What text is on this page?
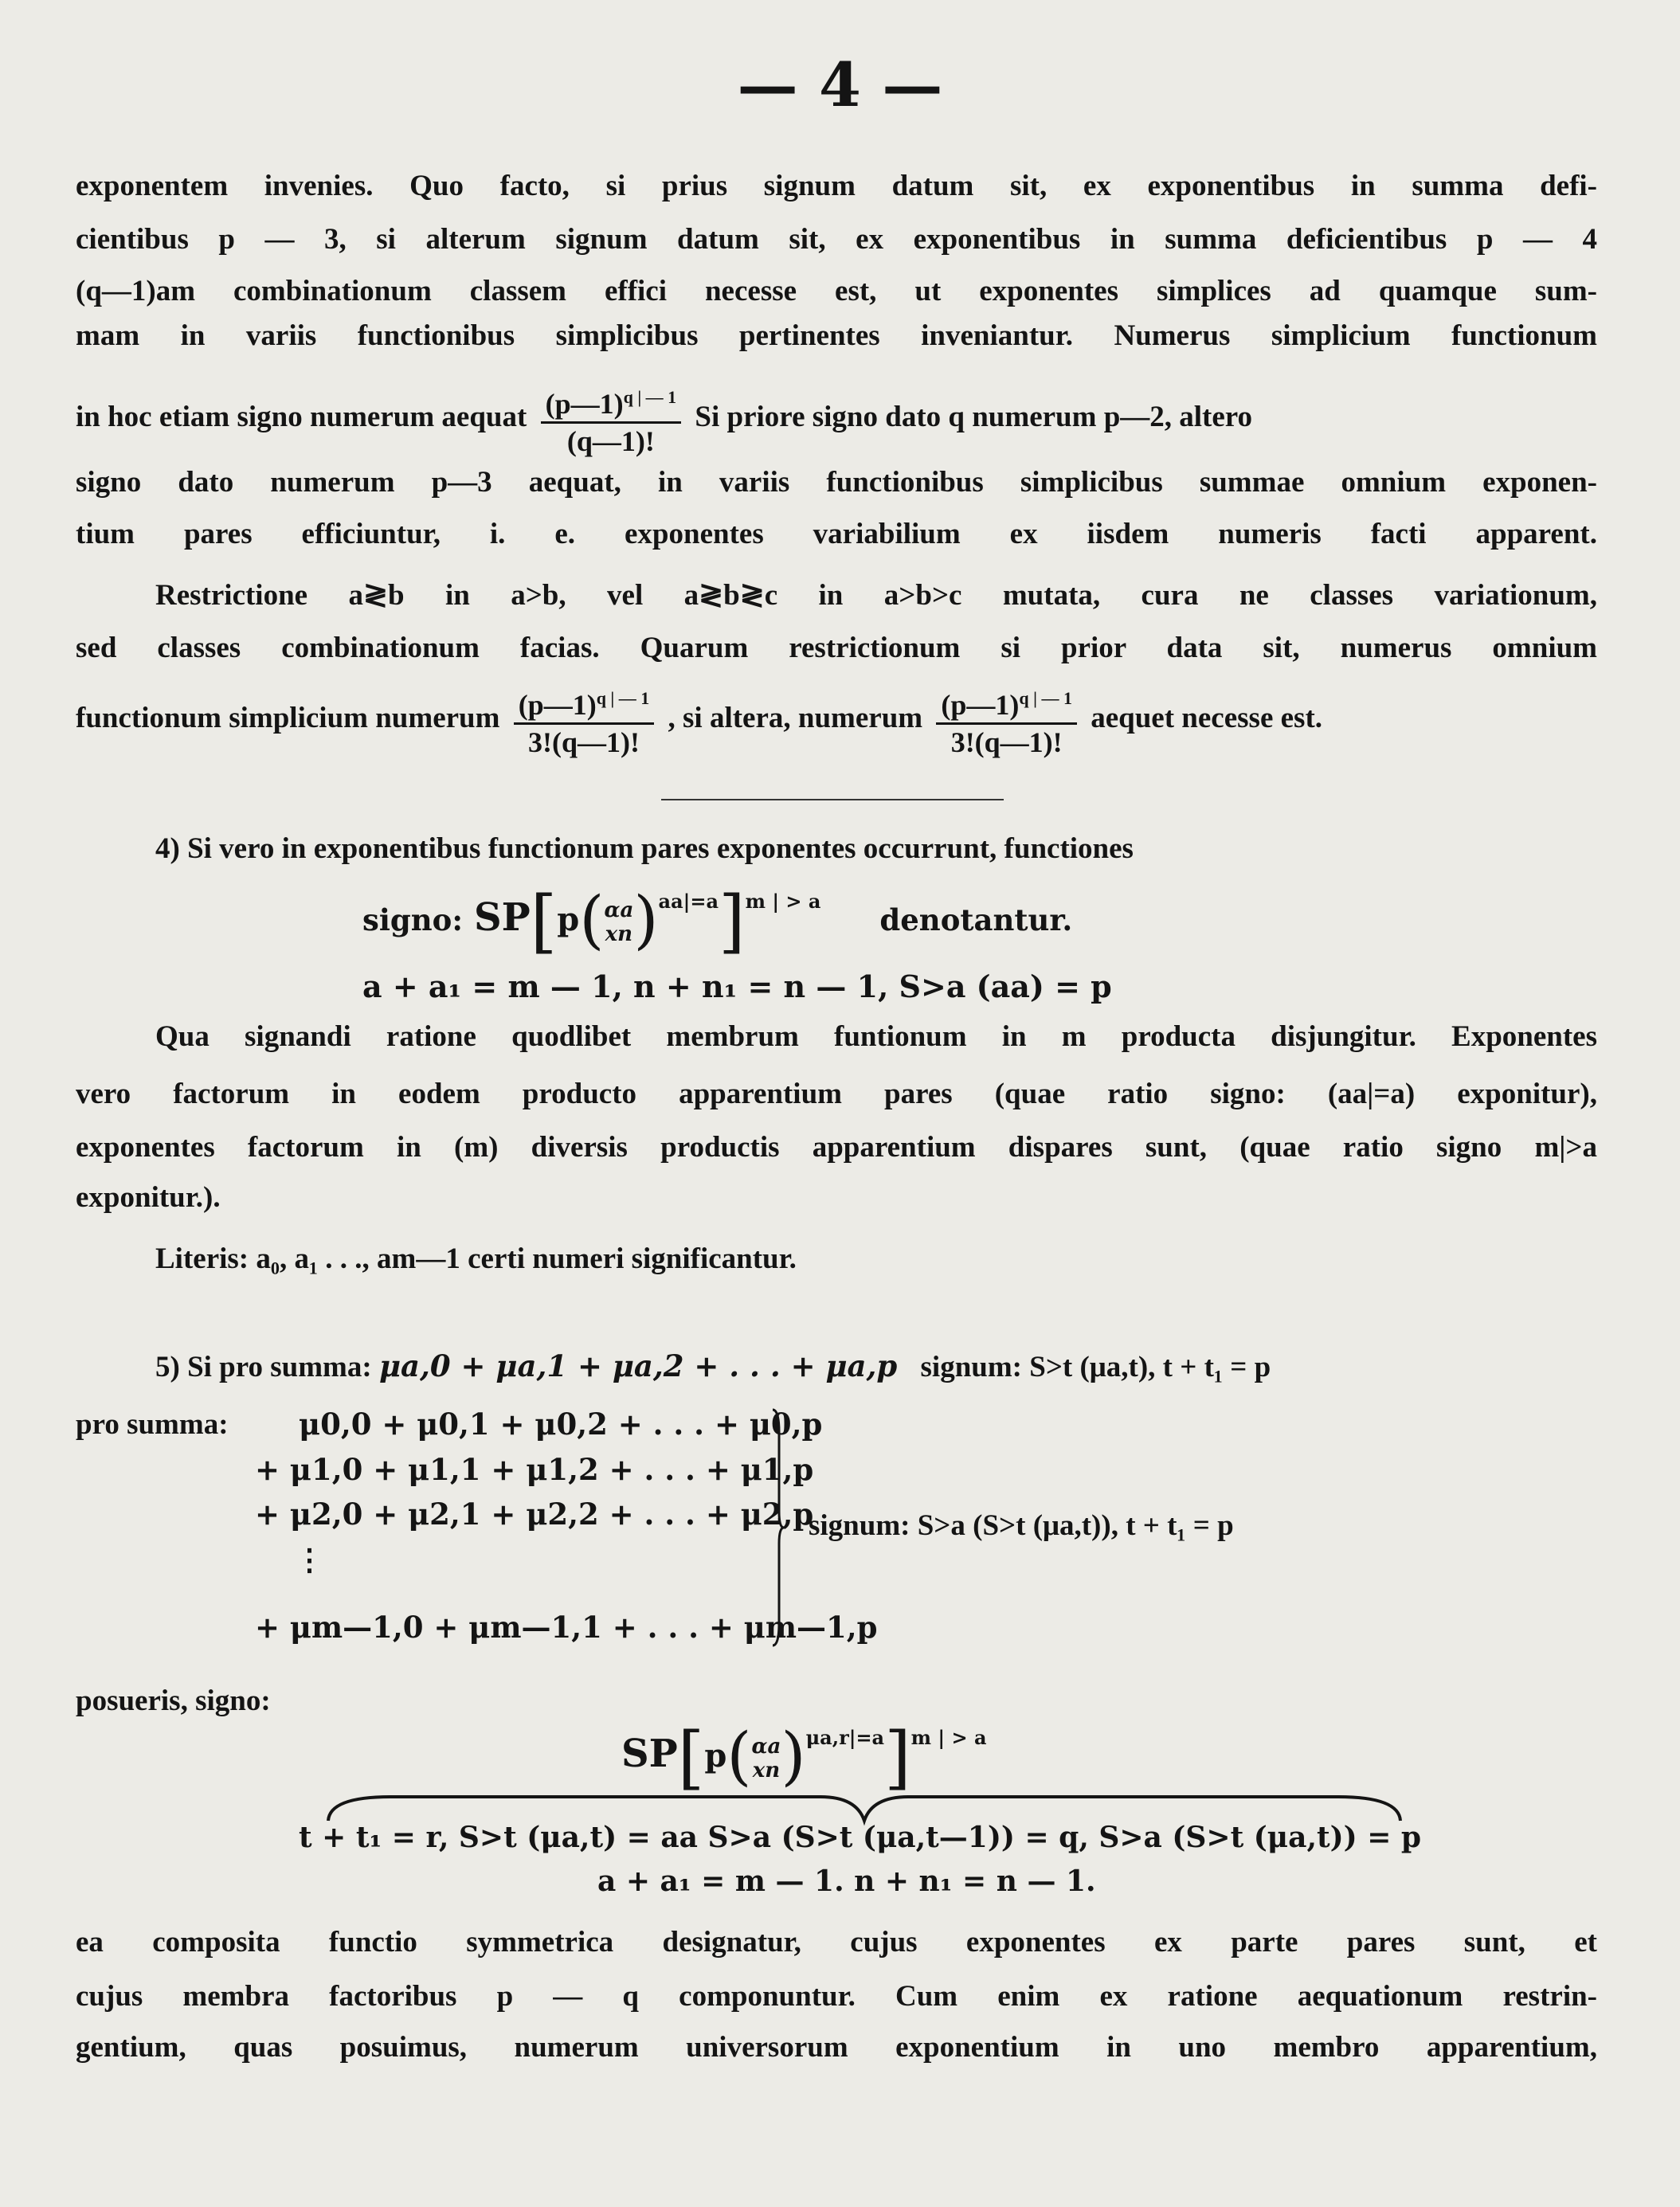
— 4 —
exponentem invenies. Quo facto, si prius signum datum sit, ex exponentibus in summa defi-
cientibus p — 3, si alterum signum datum sit, ex exponentibus in summa deficientibus p — 4
(q—1)am combinationum classem effici necesse est, ut exponentes simplices ad quamque sum-
mam in variis functionibus simplicibus pertinentes inveniantur. Numerus simplicium functionum
in hoc etiam signo numerum aequat $\frac{(p—1)^{q | — 1}}{(q—1)!}$ Si priore signo dato q numerum p—2, altero
signo dato numerum p—3 aequat, in variis functionibus simplicibus summae omnium exponen-
tium pares efficiuntur, i. e. exponentes variabilium ex iisdem numeris facti apparent.
Restrictione a≷b in a>b, vel a≷b≷c in a>b>c mutata, cura ne classes variationum,
sed classes combinationum facias. Quarum restrictionum si prior data sit, numerus omnium
functionum simplicium numerum $\frac{(p—1)^{q | — 1}}{3!(q—1)!}$ , si altera, numerum $\frac{(p—1)^{q | — 1}}{3!(q—1)!}$ aequet necesse est.
4) Si vero in exponentibus functionum pares exponentes occurrunt, functiones
signo: SP[p( αa
xn )$^{aa|=a}$]$^{m | > a}$ denotantur.
a + a₁ = m — 1, n + n₁ = n — 1, S>a (aa) = p
Qua signandi ratione quodlibet membrum funtionum in m producta disjungitur. Exponentes
vero factorum in eodem producto apparentium pares (quae ratio signo: (aa|=a) exponitur),
exponentes factorum in (m) diversis productis apparentium dispares sunt, (quae ratio signo m|>a
exponitur.).
Literis: a₀, a₁ . . ., am—1 certi numeri significantur.
5) Si pro summa: μa,0 + μa,1 + μa,2 + . . . + μa,p signum: S>t (μa,t), t + t₁ = p
pro summa:	μ0,0 + μ0,1 + μ0,2 + . . . + μ0,p
+ μ1,0 + μ1,1 + μ1,2 + . . . + μ1,p
+ μ2,0 + μ2,1 + μ2,2 + . . . + μ2,p
⋮
+ μm—1,0 + μm—1,1 + . . . + μm—1,p
signum: S>a (S>t (μa,t)), t + t₁ = p
posueris, signo:
SP[p( αa
xn )$^{\mu a,r|=a}$]$^{m | > a}$
t + t₁ = r, S>t (μa,t) = aa S>a (S>t (μa,t—1)) = q, S>a (S>t (μa,t)) = p
a + a₁ = m — 1. n + n₁ = n — 1.
ea composita functio symmetrica designatur, cujus exponentes ex parte pares sunt, et
cujus membra factoribus p — q componuntur. Cum enim ex ratione aequationum restrin-
gentium, quas posuimus, numerum universorum exponentium in uno membro apparentium,
